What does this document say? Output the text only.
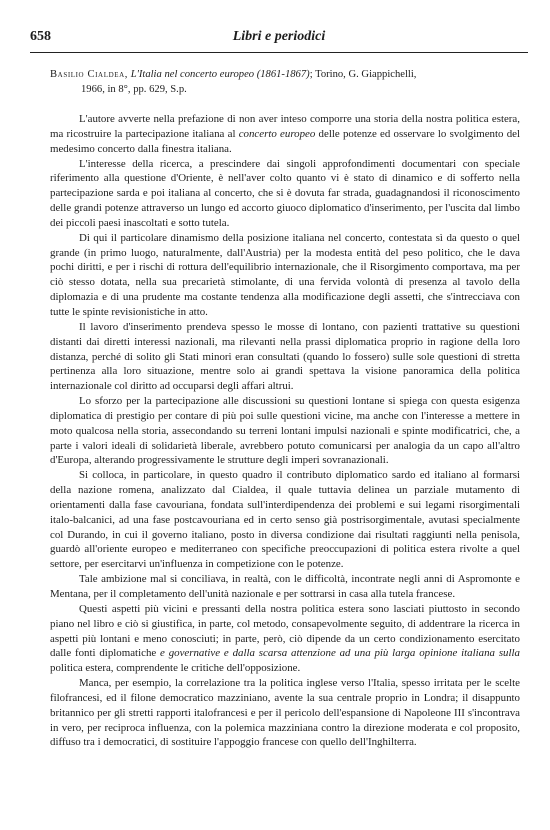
658	Libri e periodici
Basilio Cialdea, L'Italia nel concerto europeo (1861-1867); Torino, G. Giappichelli,
1966, in 8°, pp. 629, S.p.

L'autore avverte nella prefazione di non aver inteso comporre una storia della nostra politica estera, ma ricostruire la partecipazione italiana al concerto europeo delle potenze ed osservare lo svolgimento del medesimo concerto dalla finestra italiana.

L'interesse della ricerca, a prescindere dai singoli approfondimenti documentari con speciale riferimento alla questione d'Oriente, è nell'aver colto quanto vi è stato di dinamico e di sofferto nella partecipazione sarda e poi italiana al concerto, che si è dovuta far strada, guadagnandosi il riconoscimento delle grandi potenze attraverso un lungo ed accorto giuoco diplomatico d'inserimento, per l'uscita dal limbo dei piccoli paesi inascoltati e sotto tutela.

Di qui il particolare dinamismo della posizione italiana nel concerto, contestata sì da questo o quel grande (in primo luogo, naturalmente, dall'Austria) per la modesta entità del peso politico, che le dava pochi diritti, e per i rischi di rottura dell'equilibrio internazionale, che il Risorgimento comportava, ma per ciò stesso dotata, nella sua precarietà stimolante, di una fervida volontà di presenza al tavolo della diplomazia e di una prudente ma costante tendenza alla modificazione degli assetti, che s'intrecciava con tutte le spinte revisionistiche in atto.

Il lavoro d'inserimento prendeva spesso le mosse di lontano, con pazienti trattative su questioni distanti dai diretti interessi nazionali, ma rilevanti nella prassi diplomatica proprio in ragione della loro distanza, perché di solito gli Stati minori eran consultati (quando lo fossero) sulle sole questioni di stretta pertinenza alla loro situazione, mentre solo ai grandi spettava la visione panoramica della politica internazionale col diritto ad occuparsi degli affari altrui.

Lo sforzo per la partecipazione alle discussioni su questioni lontane si spiega con questa esigenza diplomatica di prestigio per contare di più poi sulle questioni vicine, ma anche con l'interesse a mettere in moto qualcosa nella storia, assecondando su terreni lontani impulsi nazionali e spinte modificatrici, che, a parte i valori ideali di solidarietà liberale, avrebbero potuto comunicarsi per analogia da un capo all'altro d'Europa, alterando progressivamente le strutture degli imperi sovranazionali.

Si colloca, in particolare, in questo quadro il contributo diplomatico sardo ed italiano al formarsi della nazione romena, analizzato dal Cialdea, il quale tuttavia delinea un parziale mutamento di orientamenti dalla fase cavouriana, fondata sull'interdipendenza dei problemi e sui legami risorgimentali italo-balcanici, ad una fase postcavouriana ed in certo senso già postrisorgimentale, avutasi specialmente col Durando, in cui il governo italiano, posto in diversa condizione dai risultati raggiunti nella penisola, guardò all'oriente europeo e mediterraneo con specifiche preoccupazioni di politica estera rivolte a quel settore, per esercitarvi un'influenza in competizione con le potenze.

Tale ambizione mal si conciliava, in realtà, con le difficoltà, incontrate negli anni di Aspromonte e Mentana, per il completamento dell'unità nazionale e per sottrarsi in casa alla tutela francese.

Questi aspetti più vicini e pressanti della nostra politica estera sono lasciati piuttosto in secondo piano nel libro e ciò si giustifica, in parte, col metodo, consapevolmente seguito, di addentrare la ricerca in aspetti più lontani e meno conosciuti; in parte, però, ciò dipende da un certo condizionamento esercitato dalle fonti diplomatiche e governative e dalla scarsa attenzione ad una più larga opinione italiana sulla politica estera, comprendente le critiche dell'opposizione.

Manca, per esempio, la correlazione tra la politica inglese verso l'Italia, spesso irritata per le scelte filofrancesi, ed il filone democratico mazziniano, avente la sua centrale proprio in Londra; il disappunto britannico per gli stretti rapporti italofrancesi e per il pericolo dell'espansione di Napoleone III s'incontrava in vero, per reciproca influenza, con la polemica mazziniana contro la direzione moderata e col proposito, diffuso tra i democratici, di sostituire l'appoggio francese con quello dell'Inghilterra.
